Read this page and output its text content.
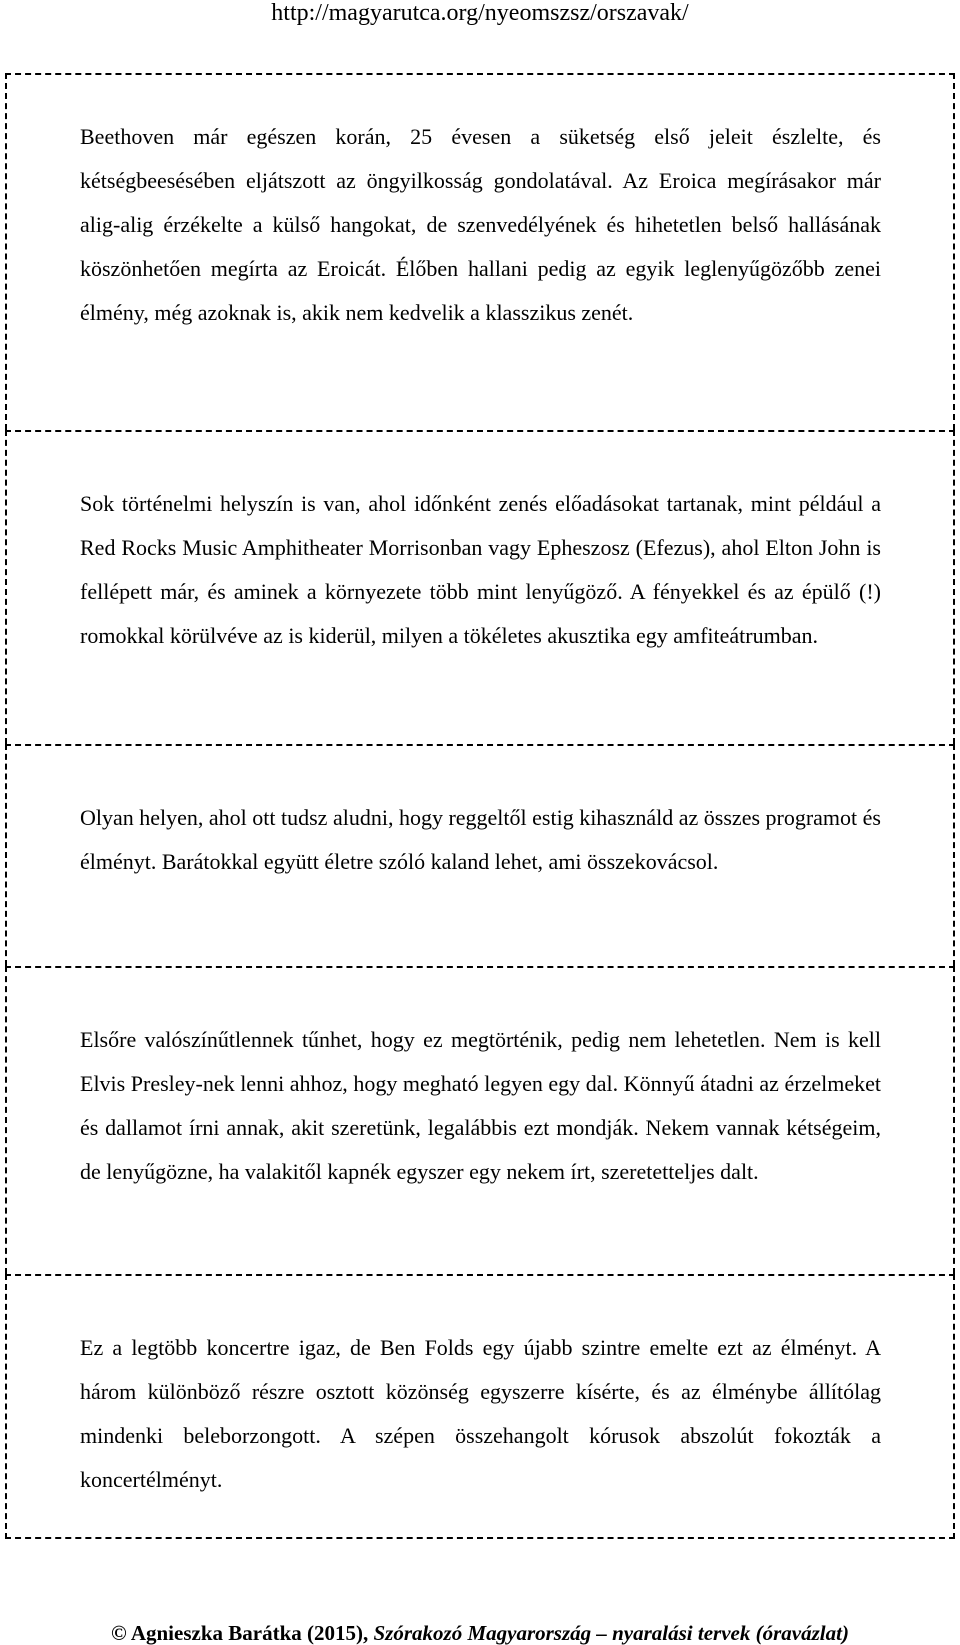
http://magyarutca.org/nyeomszsz/orszavak/

Beethoven már egészen korán, 25 évesen a süketség első jeleit észlelte, és kétségbeesésében eljátszott az öngyilkosság gondolatával. Az Eroica megírásakor már alig-alig érzékelte a külső hangokat, de szenvedélyének és hihetetlen belső hallásának köszönhetően megírta az Eroicát. Élőben hallani pedig az egyik leglenyűgözőbb zenei élmény, még azoknak is, akik nem kedvelik a klasszikus zenét.

Sok történelmi helyszín is van, ahol időnként zenés előadásokat tartanak, mint például a Red Rocks Music Amphitheater Morrisonban vagy Epheszosz (Efezus), ahol Elton John is fellépett már, és aminek a környezete több mint lenyűgöző. A fényekkel és az épülő (!) romokkal körülvéve az is kiderül, milyen a tökéletes akusztika egy amfiteátrumban.

Olyan helyen, ahol ott tudsz aludni, hogy reggeltől estig kihasználd az összes programot és élményt. Barátokkal együtt életre szóló kaland lehet, ami összekovácsol.

Elsőre valószínűtlennek tűnhet, hogy ez megtörténik, pedig nem lehetetlen. Nem is kell Elvis Presley-nek lenni ahhoz, hogy megható legyen egy dal. Könnyű átadni az érzelmeket és dallamot írni annak, akit szeretünk, legalábbis ezt mondják. Nekem vannak kétségeim, de lenyűgözne, ha valakitől kapnék egyszer egy nekem írt, szeretetteljes dalt.

Ez a legtöbb koncertre igaz, de Ben Folds egy újabb szintre emelte ezt az élményt. A három különböző részre osztott közönség egyszerre kísérte, és az élménybe állítólag mindenki beleborzongott. A szépen összehangolt kórusok abszolút fokozták a koncertélményt.

© Agnieszka Barátka (2015), Szórakozó Magyarország – nyaralási tervek (óravázlat)
